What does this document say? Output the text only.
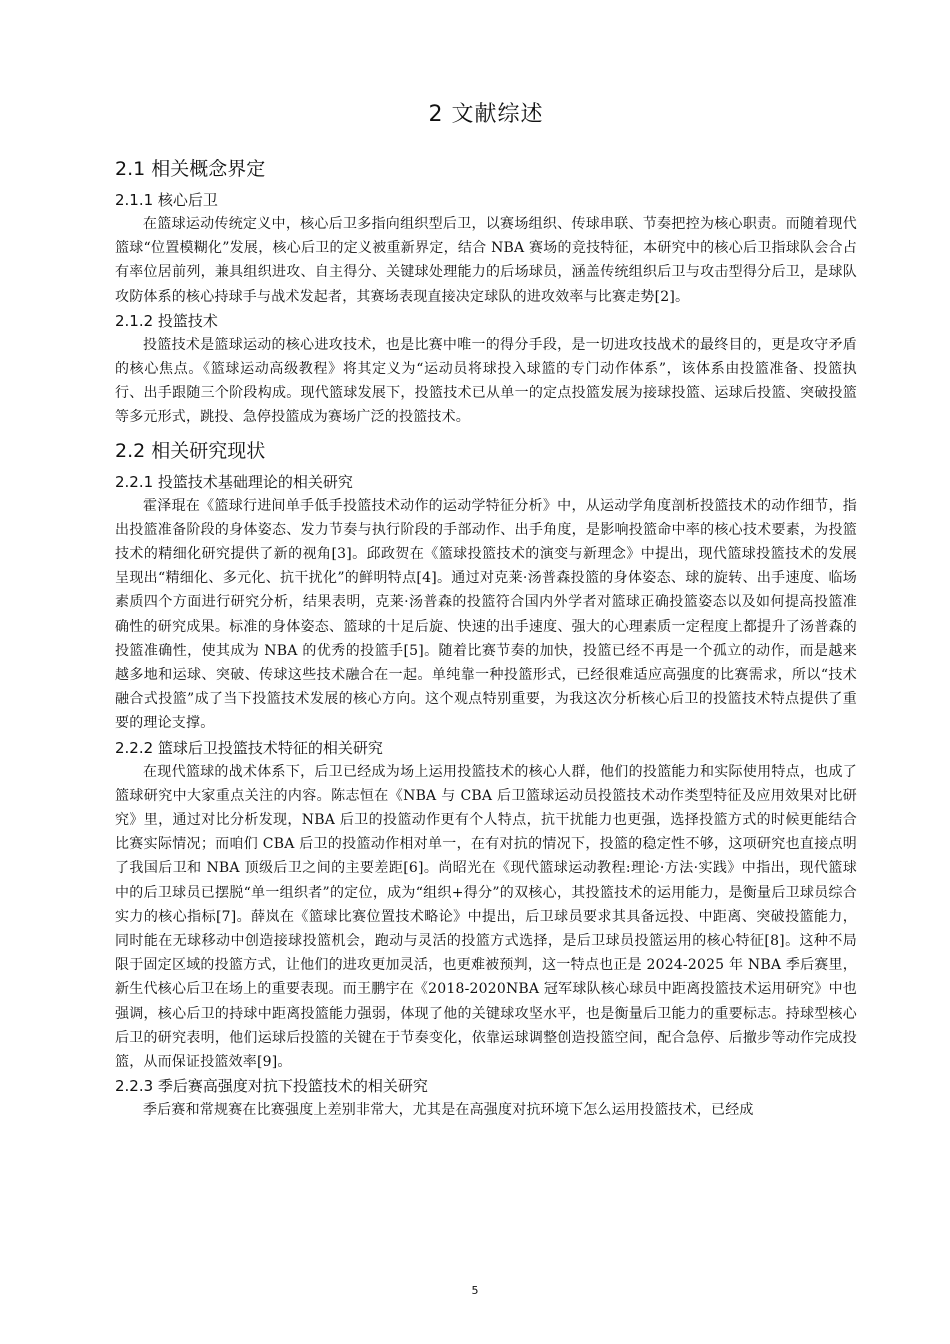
2 文献综述
2.1 相关概念界定
2.1.1 核心后卫

在篮球运动传统定义中，核心后卫多指向组织型后卫，以赛场组织、传球串联、节奏把控为核心职责。而随着现代篮球“位置模糊化”发展，核心后卫的定义被重新界定，结合 NBA 赛场的竞技特征，本研究中的核心后卫指球队会合占有率位居前列，兼具组织进攻、自主得分、关键球处理能力的后场球员，涵盖传统组织后卫与攻击型得分后卫，是球队攻防体系的核心持球手与战术发起者，其赛场表现直接决定球队的进攻效率与比赛走势[2]。

2.1.2 投篮技术

投篮技术是篮球运动的核心进攻技术，也是比赛中唯一的得分手段，是一切进攻技战术的最终目的，更是攻守矛盾的核心焦点。《篮球运动高级教程》将其定义为“运动员将球投入球篮的专门动作体系”，该体系由投篮准备、投篮执行、出手跟随三个阶段构成。现代篮球发展下，投篮技术已从单一的定点投篮发展为接球投篮、运球后投篮、突破投篮等多元形式，跳投、急停投篮成为赛场广泛的投篮技术。

2.2 相关研究现状
2.2.1 投篮技术基础理论的相关研究

霍泽琨在《篮球行进间单手低手投篮技术动作的运动学特征分析》中，从运动学角度剖析投篮技术的动作细节，指出投篮准备阶段的身体姿态、发力节奏与执行阶段的手部动作、出手角度，是影响投篮命中率的核心技术要素，为投篮技术的精细化研究提供了新的视角[3]。邱政贺在《篮球投篮技术的演变与新理念》中提出，现代篮球投篮技术的发展呈现出“精细化、多元化、抗干扰化”的鲜明特点[4]。通过对克莱·汤普森投篮的身体姿态、球的旋转、出手速度、临场素质四个方面进行研究分析，结果表明，克莱·汤普森的投篮符合国内外学者对篮球正确投篮姿态以及如何提高投篮准确性的研究成果。标准的身体姿态、篮球的十足后旋、快速的出手速度、强大的心理素质一定程度上都提升了汤普森的投篮准确性，使其成为 NBA 的优秀的投篮手[5]。随着比赛节奏的加快，投篮已经不再是一个孤立的动作，而是越来越多地和运球、突破、传球这些技术融合在一起。单纯靠一种投篮形式，已经很难适应高强度的比赛需求，所以“技术融合式投篮”成了当下投篮技术发展的核心方向。这个观点特别重要，为我这次分析核心后卫的投篮技术特点提供了重要的理论支撑。

2.2.2 篮球后卫投篮技术特征的相关研究

在现代篮球的战术体系下，后卫已经成为场上运用投篮技术的核心人群，他们的投篮能力和实际使用特点，也成了篮球研究中大家重点关注的内容。陈志恒在《NBA 与 CBA 后卫篮球运动员投篮技术动作类型特征及应用效果对比研究》里，通过对比分析发现，NBA 后卫的投篮动作更有个人特点，抗干扰能力也更强，选择投篮方式的时候更能结合比赛实际情况；而咱们 CBA 后卫的投篮动作相对单一，在有对抗的情况下，投篮的稳定性不够，这项研究也直接点明了我国后卫和 NBA 顶级后卫之间的主要差距[6]。尚昭光在《现代篮球运动教程:理论·方法·实践》中指出，现代篮球中的后卫球员已摆脱“单一组织者”的定位，成为“组织+得分”的双核心，其投篮技术的运用能力，是衡量后卫球员综合实力的核心指标[7]。薛岚在《篮球比赛位置技术略论》中提出，后卫球员要求其具备远投、中距离、突破投篮能力，同时能在无球移动中创造接球投篮机会，跑动与灵活的投篮方式选择，是后卫球员投篮运用的核心特征[8]。这种不局限于固定区域的投篮方式，让他们的进攻更加灵活，也更难被预判，这一特点也正是 2024-2025 年 NBA 季后赛里，新生代核心后卫在场上的重要表现。而王鹏宇在《2018-2020NBA 冠军球队核心球员中距离投篮技术运用研究》中也强调，核心后卫的持球中距离投篮能力强弱，体现了他的关键球攻坚水平，也是衡量后卫能力的重要标志。持球型核心后卫的研究表明，他们运球后投篮的关键在于节奏变化，依靠运球调整创造投篮空间，配合急停、后撤步等动作完成投篮，从而保证投篮效率[9]。

2.2.3 季后赛高强度对抗下投篮技术的相关研究

季后赛和常规赛在比赛强度上差别非常大，尤其是在高强度对抗环境下怎么运用投篮技术，已经成

5
